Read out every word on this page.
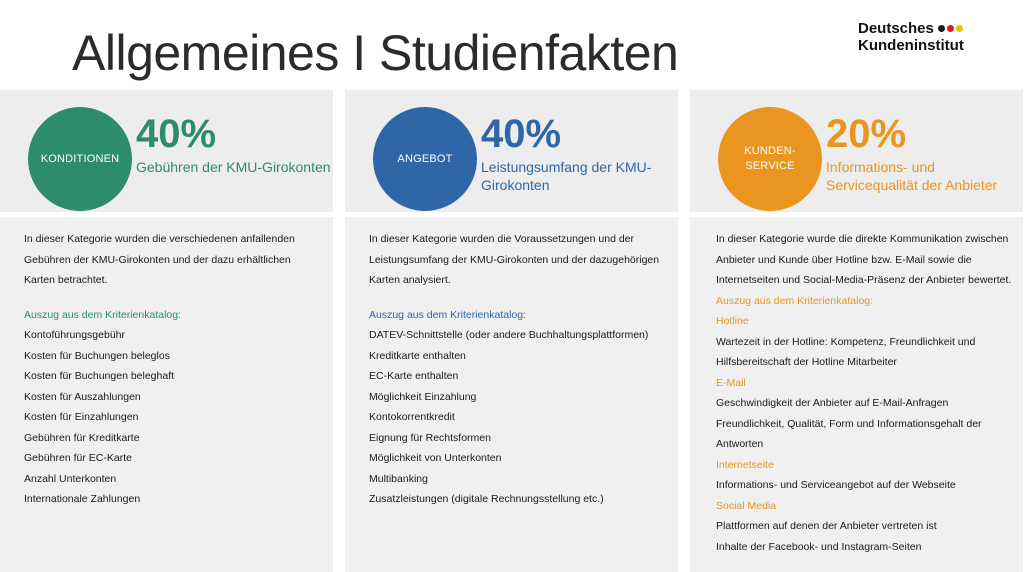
Allgemeines I Studienfakten	Deutsches
Kundeninstitut
KONDITIONEN
40%
Gebühren der KMU-Girokonten
In dieser Kategorie wurden die verschiedenen anfallenden Gebühren der KMU-Girokonten und der dazu erhältlichen Karten betrachtet.
Auszug aus dem Kriterienkatalog:
Kontoführungsgebühr
Kosten für Buchungen beleglos
Kosten für Buchungen beleghaft
Kosten für Auszahlungen
Kosten für Einzahlungen
Gebühren für Kreditkarte
Gebühren für EC-Karte
Anzahl Unterkonten
Internationale Zahlungen
ANGEBOT
40%
Leistungsumfang der KMU-Girokonten
In dieser Kategorie wurden die Voraussetzungen und der Leistungsumfang der KMU-Girokonten und der dazugehörigen Karten analysiert.
Auszug aus dem Kriterienkatalog:
DATEV-Schnittstelle (oder andere Buchhaltungsplattformen)
Kreditkarte enthalten
EC-Karte enthalten
Möglichkeit Einzahlung
Kontokorrentkredit
Eignung für Rechtsformen
Möglichkeit von Unterkonten
Multibanking
Zusatzleistungen (digitale Rechnungsstellung etc.)
KUNDEN-
SERVICE
20%
Informations- und Servicequalität der Anbieter
In dieser Kategorie wurde die direkte Kommunikation zwischen Anbieter und Kunde über Hotline bzw. E-Mail sowie die Internetseiten und Social-Media-Präsenz der Anbieter bewertet.
Auszug aus dem Kriterienkatalog:
Hotline
Wartezeit in der Hotline: Kompetenz, Freundlichkeit und Hilfsbereitschaft der Hotline Mitarbeiter
E-Mail
Geschwindigkeit der Anbieter auf E-Mail-Anfragen
Freundlichkeit, Qualität, Form und Informationsgehalt der Antworten
Internetseite
Informations- und Serviceangebot auf der Webseite
Social Media
Plattformen auf denen der Anbieter vertreten ist
Inhalte der Facebook- und Instagram-Seiten
